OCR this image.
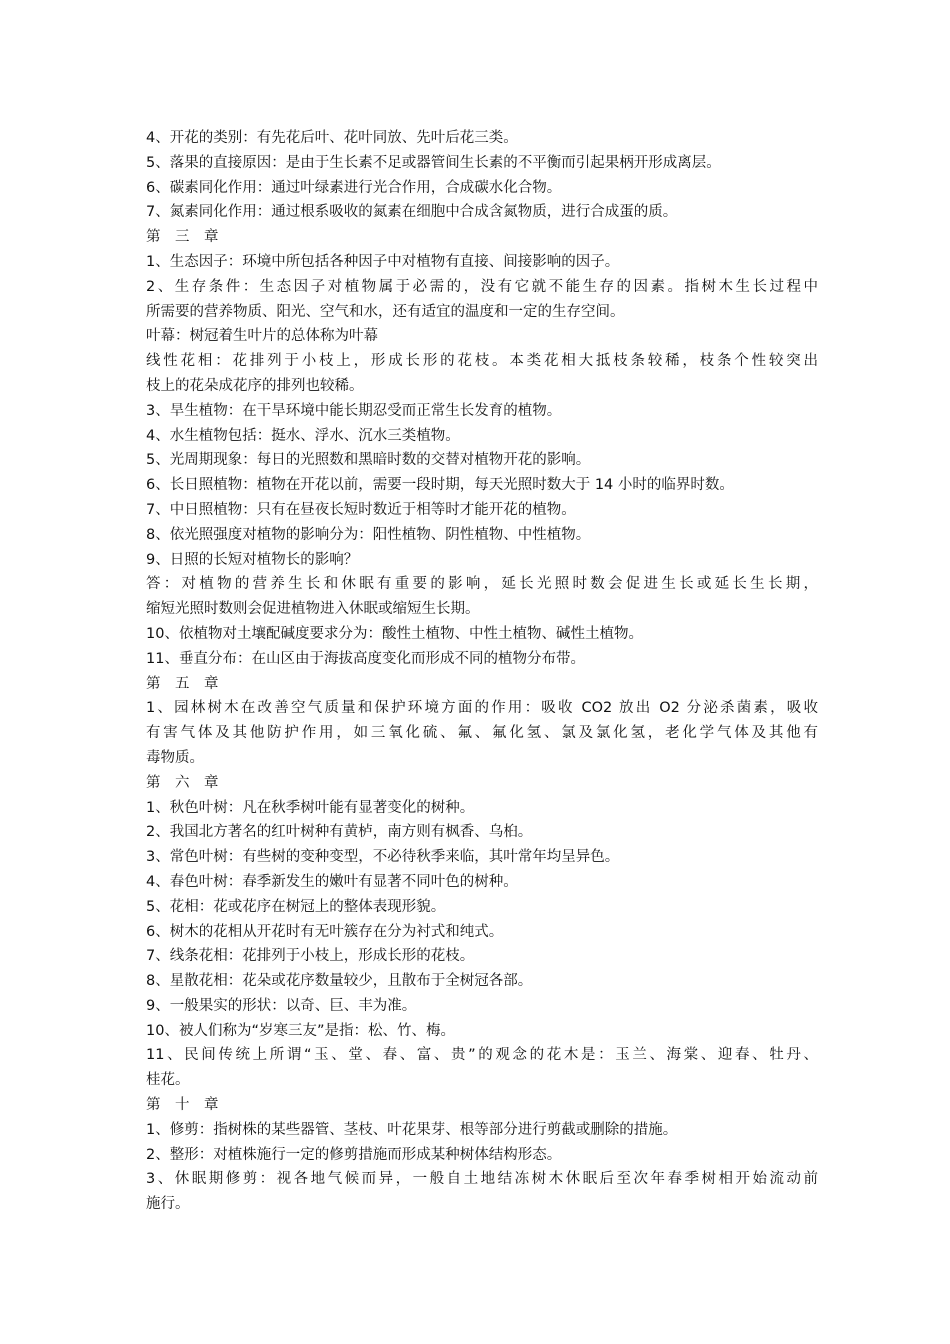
4、开花的类别：有先花后叶、花叶同放、先叶后花三类。
5、落果的直接原因：是由于生长素不足或器管间生长素的不平衡而引起果柄开形成离层。
6、碳素同化作用：通过叶绿素进行光合作用，合成碳水化合物。
7、氮素同化作用：通过根系吸收的氮素在细胞中合成含氮物质，进行合成蛋的质。
第　三　章
1、生态因子：环境中所包括各种因子中对植物有直接、间接影响的因子。
2、生存条件：生态因子对植物属于必需的，没有它就不能生存的因素。指树木生长过程中
所需要的营养物质、阳光、空气和水，还有适宜的温度和一定的生存空间。
叶幕：树冠着生叶片的总体称为叶幕
线性花相：花排列于小枝上，形成长形的花枝。本类花相大抵枝条较稀，枝条个性较突出
枝上的花朵成花序的排列也较稀。
3、旱生植物：在干旱环境中能长期忍受而正常生长发育的植物。
4、水生植物包括：挺水、浮水、沉水三类植物。
5、光周期现象：每日的光照数和黑暗时数的交替对植物开花的影响。
6、长日照植物：植物在开花以前，需要一段时期，每天光照时数大于 14 小时的临界时数。
7、中日照植物：只有在昼夜长短时数近于相等时才能开花的植物。
8、依光照强度对植物的影响分为：阳性植物、阴性植物、中性植物。
9、日照的长短对植物长的影响？
答：对植物的营养生长和休眠有重要的影响，延长光照时数会促进生长或延长生长期，
缩短光照时数则会促进植物进入休眠或缩短生长期。
10、依植物对土壤配碱度要求分为：酸性土植物、中性土植物、碱性土植物。
11、垂直分布：在山区由于海拔高度变化而形成不同的植物分布带。
第　五　章
1、园林树木在改善空气质量和保护环境方面的作用：吸收 CO2 放出 O2 分泌杀菌素，吸收
有害气体及其他防护作用，如三氧化硫、氟、氟化氢、氯及氯化氢，老化学气体及其他有
毒物质。
第　六　章
1、秋色叶树：凡在秋季树叶能有显著变化的树种。
2、我国北方著名的红叶树种有黄栌，南方则有枫香、乌桕。
3、常色叶树：有些树的变种变型，不必待秋季来临，其叶常年均呈异色。
4、春色叶树：春季新发生的嫩叶有显著不同叶色的树种。
5、花相：花或花序在树冠上的整体表现形貌。
6、树木的花相从开花时有无叶簇存在分为衬式和纯式。
7、线条花相：花排列于小枝上，形成长形的花枝。
8、星散花相：花朵或花序数量较少，且散布于全树冠各部。
9、一般果实的形状：以奇、巨、丰为准。
10、被人们称为“岁寒三友”是指：松、竹、梅。
11、民间传统上所谓“玉、堂、春、富、贵”的观念的花木是：玉兰、海棠、迎春、牡丹、
桂花。
第　十　章
1、修剪：指树株的某些器管、茎枝、叶花果芽、根等部分进行剪截或删除的措施。
2、整形：对植株施行一定的修剪措施而形成某种树体结构形态。
3、休眠期修剪：视各地气候而异，一般自土地结冻树木休眠后至次年春季树相开始流动前
施行。
